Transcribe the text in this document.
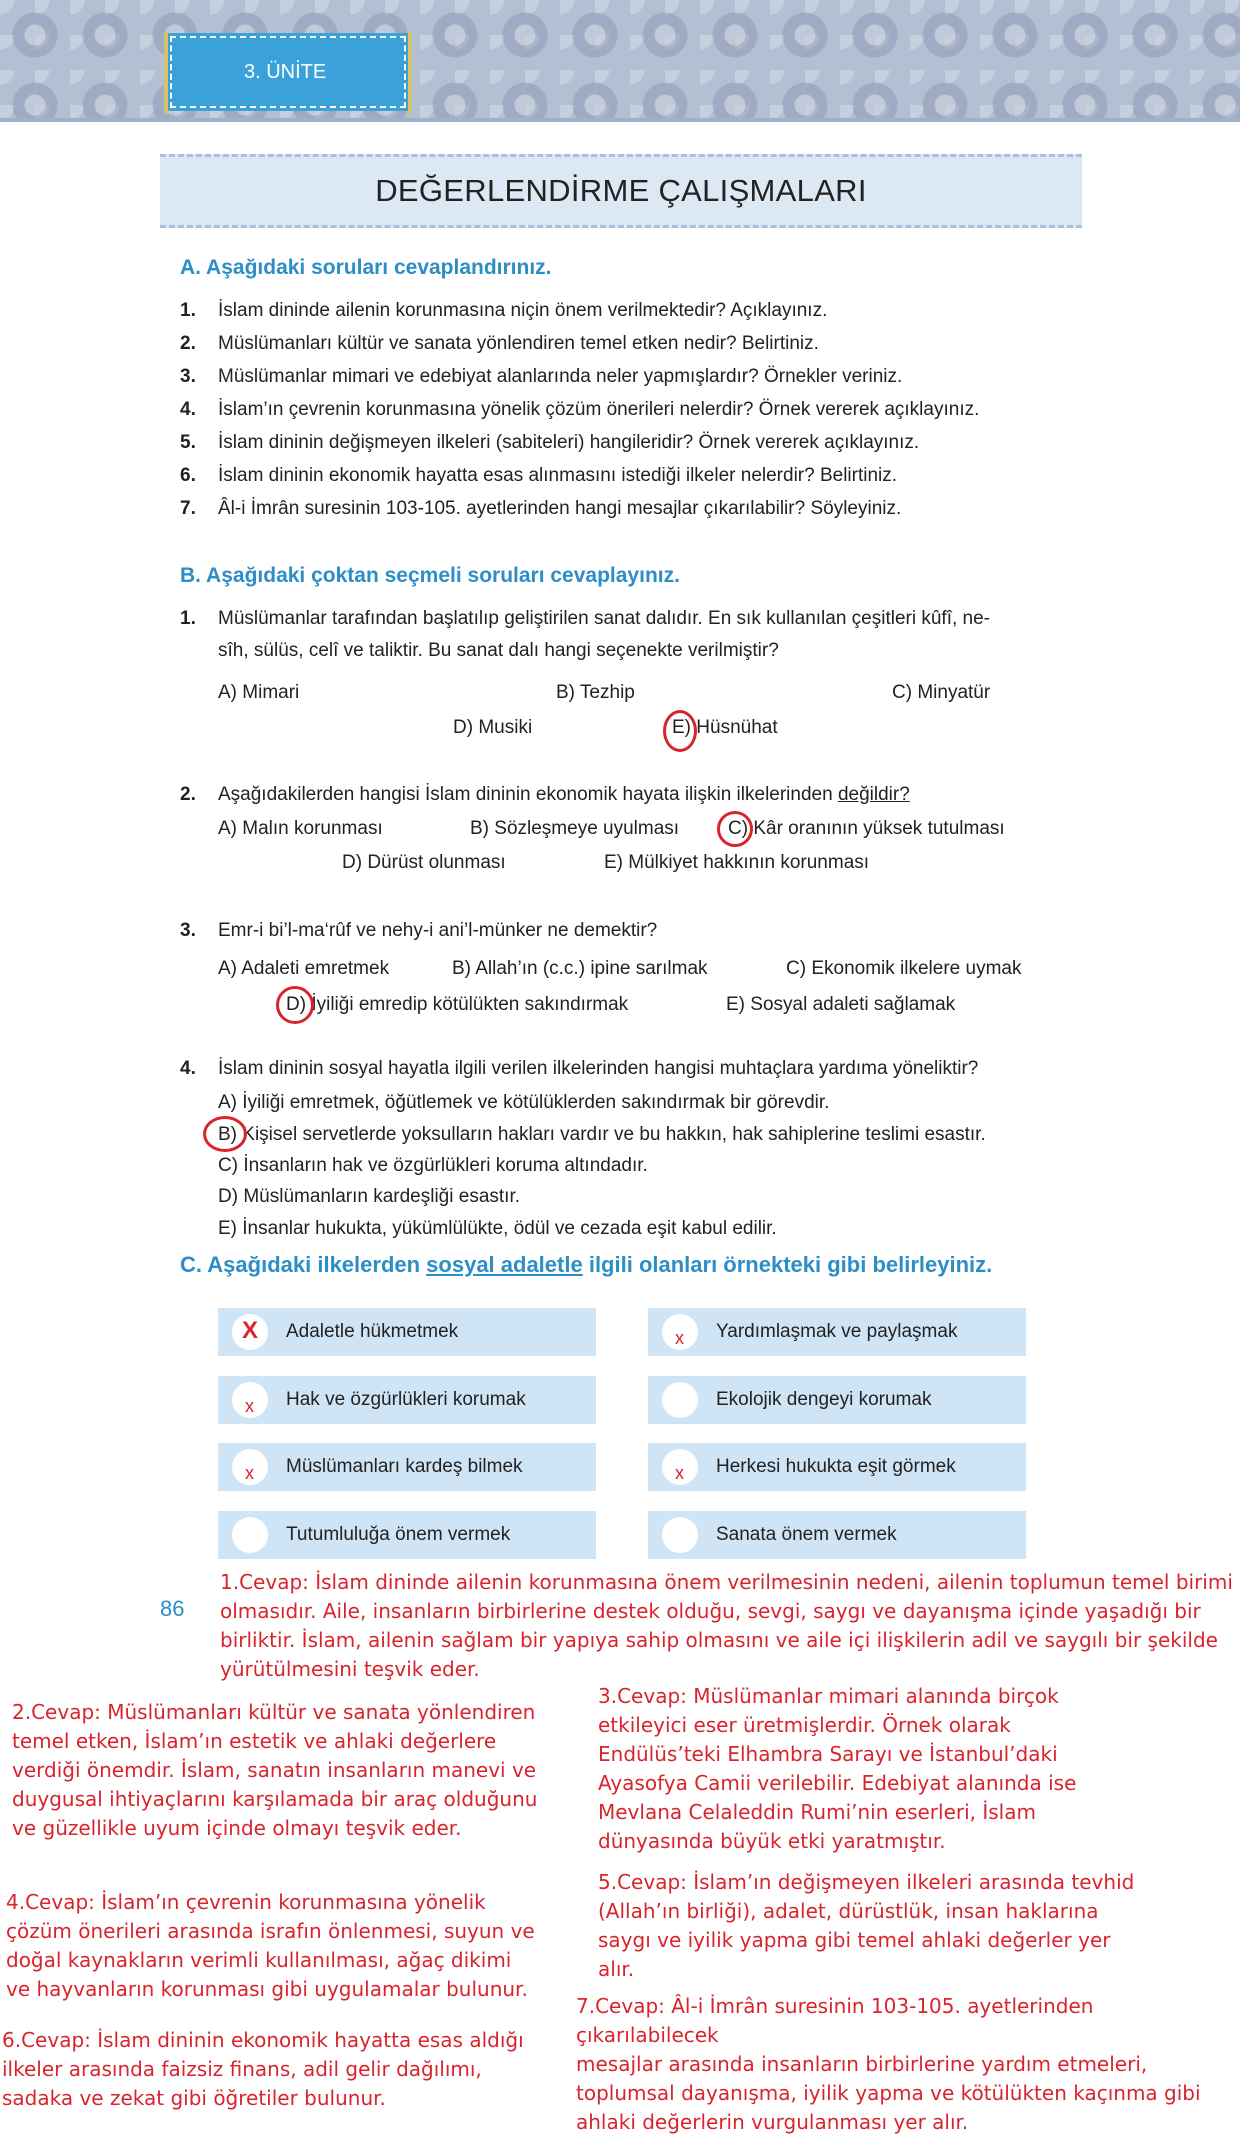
3. ÜNİTE
DEĞERLENDİRME ÇALIŞMALARI
A. Aşağıdaki soruları cevaplandırınız.
1. İslam dininde ailenin korunmasına niçin önem verilmektedir? Açıklayınız.
2. Müslümanları kültür ve sanata yönlendiren temel etken nedir? Belirtiniz.
3. Müslümanlar mimari ve edebiyat alanlarında neler yapmışlardır? Örnekler veriniz.
4. İslam’ın çevrenin korunmasına yönelik çözüm önerileri nelerdir? Örnek vererek açıklayınız.
5. İslam dininin değişmeyen ilkeleri (sabiteleri) hangileridir? Örnek vererek açıklayınız.
6. İslam dininin ekonomik hayatta esas alınmasını istediği ilkeler nelerdir? Belirtiniz.
7. Âl-i İmrân suresinin 103-105. ayetlerinden hangi mesajlar çıkarılabilir? Söyleyiniz.
B. Aşağıdaki çoktan seçmeli soruları cevaplayınız.
1. Müslümanlar tarafından başlatılıp geliştirilen sanat dalıdır. En sık kullanılan çeşitleri kûfî, ne-
sîh, sülüs, celî ve taliktir. Bu sanat dalı hangi seçenekte verilmiştir?
A) Mimari	B) Tezhip	C) Minyatür
D) Musiki	E) Hüsnühat
2. Aşağıdakilerden hangisi İslam dininin ekonomik hayata ilişkin ilkelerinden değildir?
A) Malın korunması	B) Sözleşmeye uyulması	C) Kâr oranının yüksek tutulması
D) Dürüst olunması	E) Mülkiyet hakkının korunması
3. Emr-i bi’l-ma‘rûf ve nehy-i ani’l-münker ne demektir?
A) Adaleti emretmek	B) Allah’ın (c.c.) ipine sarılmak	C) Ekonomik ilkelere uymak
D) İyiliği emredip kötülükten sakındırmak	E) Sosyal adaleti sağlamak
4. İslam dininin sosyal hayatla ilgili verilen ilkelerinden hangisi muhtaçlara yardıma yöneliktir?
A) İyiliği emretmek, öğütlemek ve kötülüklerden sakındırmak bir görevdir.
B) Kişisel servetlerde yoksulların hakları vardır ve bu hakkın, hak sahiplerine teslimi esastır.
C) İnsanların hak ve özgürlükleri koruma altındadır.
D) Müslümanların kardeşliği esastır.
E) İnsanlar hukukta, yükümlülükte, ödül ve cezada eşit kabul edilir.
C. Aşağıdaki ilkelerden sosyal adaletle ilgili olanları örnekteki gibi belirleyiniz.
X Adaletle hükmetmek	x Yardımlaşmak ve paylaşmak
x Hak ve özgürlükleri korumak	Ekolojik dengeyi korumak
x Müslümanları kardeş bilmek	x Herkesi hukukta eşit görmek
Tutumluluğa önem vermek	Sanata önem vermek
86
1.Cevap: İslam dininde ailenin korunmasına önem verilmesinin nedeni, ailenin toplumun temel birimi
olmasıdır. Aile, insanların birbirlerine destek olduğu, sevgi, saygı ve dayanışma içinde yaşadığı bir
birliktir. İslam, ailenin sağlam bir yapıya sahip olmasını ve aile içi ilişkilerin adil ve saygılı bir şekilde
yürütülmesini teşvik eder.
2.Cevap: Müslümanları kültür ve sanata yönlendiren
temel etken, İslam’ın estetik ve ahlaki değerlere
verdiği önemdir. İslam, sanatın insanların manevi ve
duygusal ihtiyaçlarını karşılamada bir araç olduğunu
ve güzellikle uyum içinde olmayı teşvik eder.
3.Cevap: Müslümanlar mimari alanında birçok
etkileyici eser üretmişlerdir. Örnek olarak
Endülüs’teki Elhambra Sarayı ve İstanbul’daki
Ayasofya Camii verilebilir. Edebiyat alanında ise
Mevlana Celaleddin Rumi’nin eserleri, İslam
dünyasında büyük etki yaratmıştır.
4.Cevap: İslam’ın çevrenin korunmasına yönelik
çözüm önerileri arasında israfın önlenmesi, suyun ve
doğal kaynakların verimli kullanılması, ağaç dikimi
ve hayvanların korunması gibi uygulamalar bulunur.
5.Cevap: İslam’ın değişmeyen ilkeleri arasında tevhid
(Allah’ın birliği), adalet, dürüstlük, insan haklarına
saygı ve iyilik yapma gibi temel ahlaki değerler yer
alır.
6.Cevap: İslam dininin ekonomik hayatta esas aldığı
ilkeler arasında faizsiz finans, adil gelir dağılımı,
sadaka ve zekat gibi öğretiler bulunur.
7.Cevap: Âl-i İmrân suresinin 103-105. ayetlerinden çıkarılabilecek
mesajlar arasında insanların birbirlerine yardım etmeleri,
toplumsal dayanışma, iyilik yapma ve kötülükten kaçınma gibi
ahlaki değerlerin vurgulanması yer alır.
